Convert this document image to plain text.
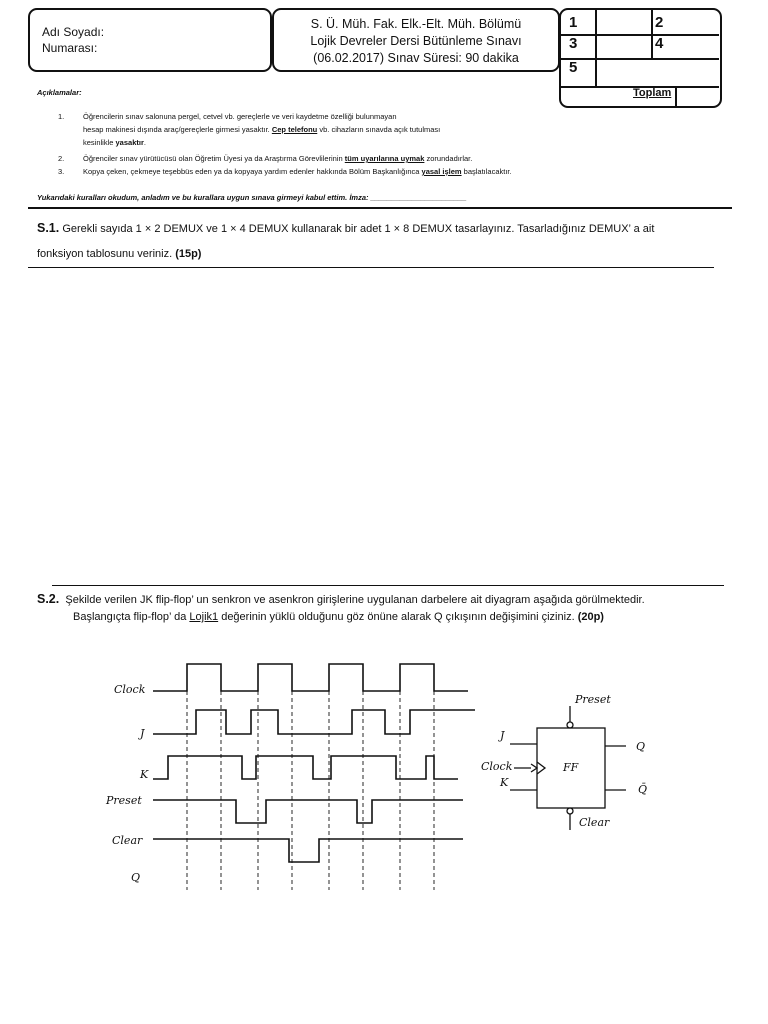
Adı Soyadı:
Numarası:
S. Ü. Müh. Fak. Elk.-Elt. Müh. Bölümü
Lojik Devreler Dersi Bütünleme Sınavı
(06.02.2017) Sınav Süresi: 90 dakika
1	2
3	4
5
Toplam
Açıklamalar:
1. Öğrencilerin sınav salonuna pergel, cetvel vb. gereçlerle ve veri kaydetme özelliği bulunmayan
hesap makinesi dışında araç/gereçlerle girmesi yasaktır. Cep telefonu vb. cihazların sınavda açık tutulması
kesinlikle yasaktır.
2. Öğrenciler sınav yürütücüsü olan Öğretim Üyesi ya da Araştırma Görevlilerinin tüm uyarılarına uymak zorundadırlar.
3. Kopya çeken, çekmeye teşebbüs eden ya da kopyaya yardım edenler hakkında Bölüm Başkanlığınca yasal işlem başlatılacaktır.
Yukarıdaki kuralları okudum, anladım ve bu kurallara uygun sınava girmeyi kabul ettim. İmza: _______________________
S.1. Gerekli sayıda 1 × 2 DEMUX ve 1 × 4 DEMUX kullanarak bir adet 1 × 8 DEMUX tasarlayınız. Tasarladığınız DEMUX’ a ait
fonksiyon tablosunu veriniz. (15p)
S.2. Şekilde verilen JK flip-flop’ un senkron ve asenkron girişlerine uygulanan darbelere ait diyagram aşağıda görülmektedir.
Başlangıçta flip-flop’ da Lojik1 değerinin yüklü olduğunu göz önüne alarak Q çıkışının değişimini çiziniz. (20p)
Clock
J
K
Preset
Clear
Q
Preset
J
Clock
K
FF
Q
Q̄
Clear
